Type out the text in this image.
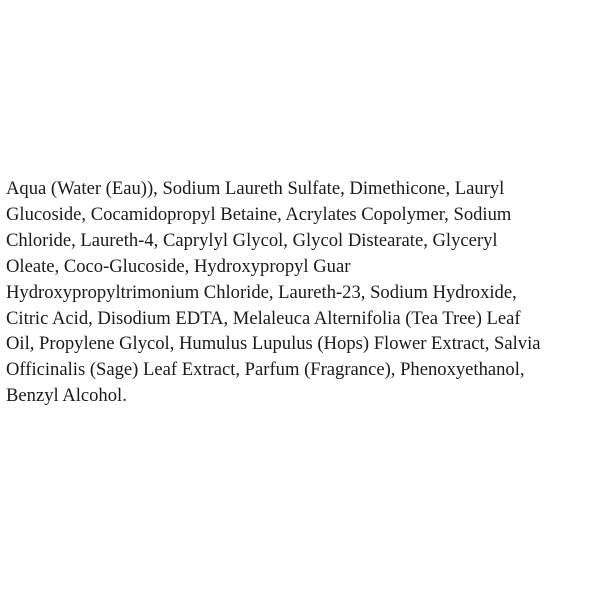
Aqua (Water (Eau)), Sodium Laureth Sulfate, Dimethicone, Lauryl
Glucoside, Cocamidopropyl Betaine, Acrylates Copolymer, Sodium
Chloride, Laureth-4, Caprylyl Glycol, Glycol Distearate, Glyceryl
Oleate, Coco-Glucoside, Hydroxypropyl Guar
Hydroxypropyltrimonium Chloride, Laureth-23, Sodium Hydroxide,
Citric Acid, Disodium EDTA, Melaleuca Alternifolia (Tea Tree) Leaf
Oil, Propylene Glycol, Humulus Lupulus (Hops) Flower Extract, Salvia
Officinalis (Sage) Leaf Extract, Parfum (Fragrance), Phenoxyethanol,
Benzyl Alcohol.
